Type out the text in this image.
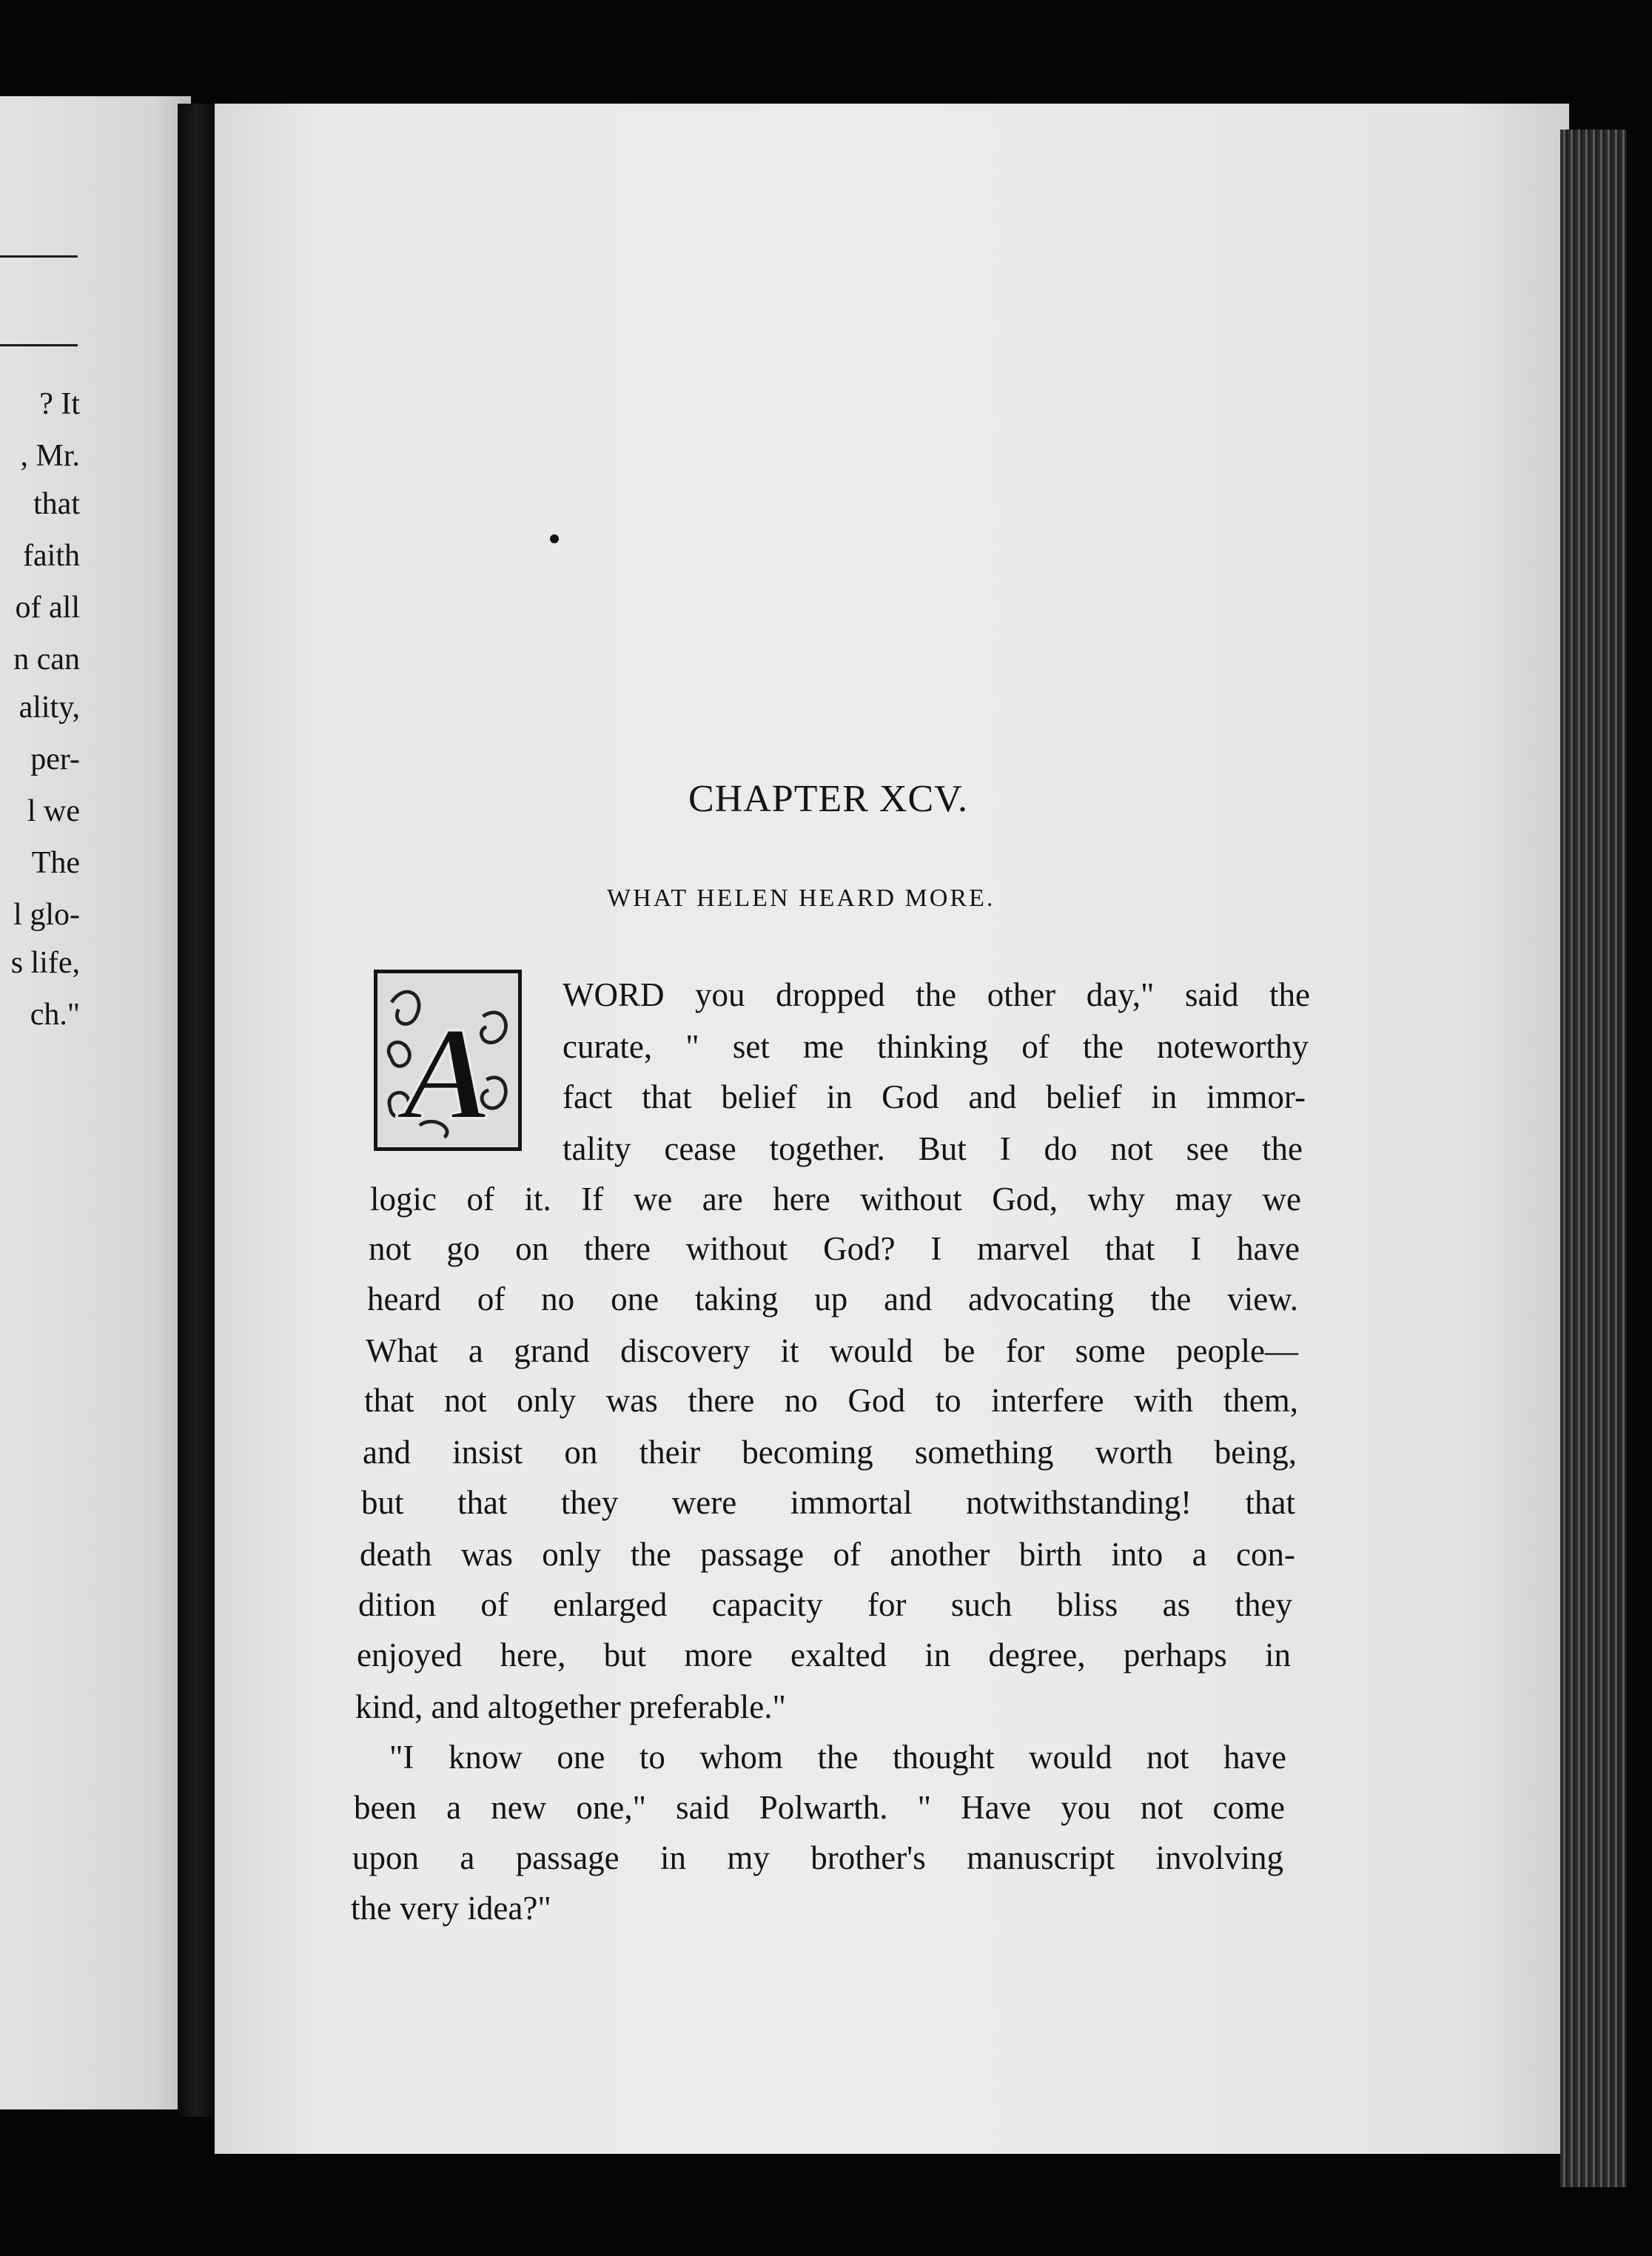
? It
, Mr.
that
faith
of all
n can
ality,
per-
l we
The
l glo-
s life,
ch."
CHAPTER XCV.
WHAT HELEN HEARD MORE.
A
WORD you dropped the other day," said the
curate, " set me thinking of the noteworthy
fact that belief in God and belief in immor-
tality cease together. But I do not see the
logic of it. If we are here without God, why may we
not go on there without God? I marvel that I have
heard of no one taking up and advocating the view.
What a grand discovery it would be for some people—
that not only was there no God to interfere with them,
and insist on their becoming something worth being,
but that they were immortal notwithstanding! that
death was only the passage of another birth into a con-
dition of enlarged capacity for such bliss as they
enjoyed here, but more exalted in degree, perhaps in
kind, and altogether preferable."
"I know one to whom the thought would not have
been a new one," said Polwarth. " Have you not come
upon a passage in my brother's manuscript involving
the very idea?"
